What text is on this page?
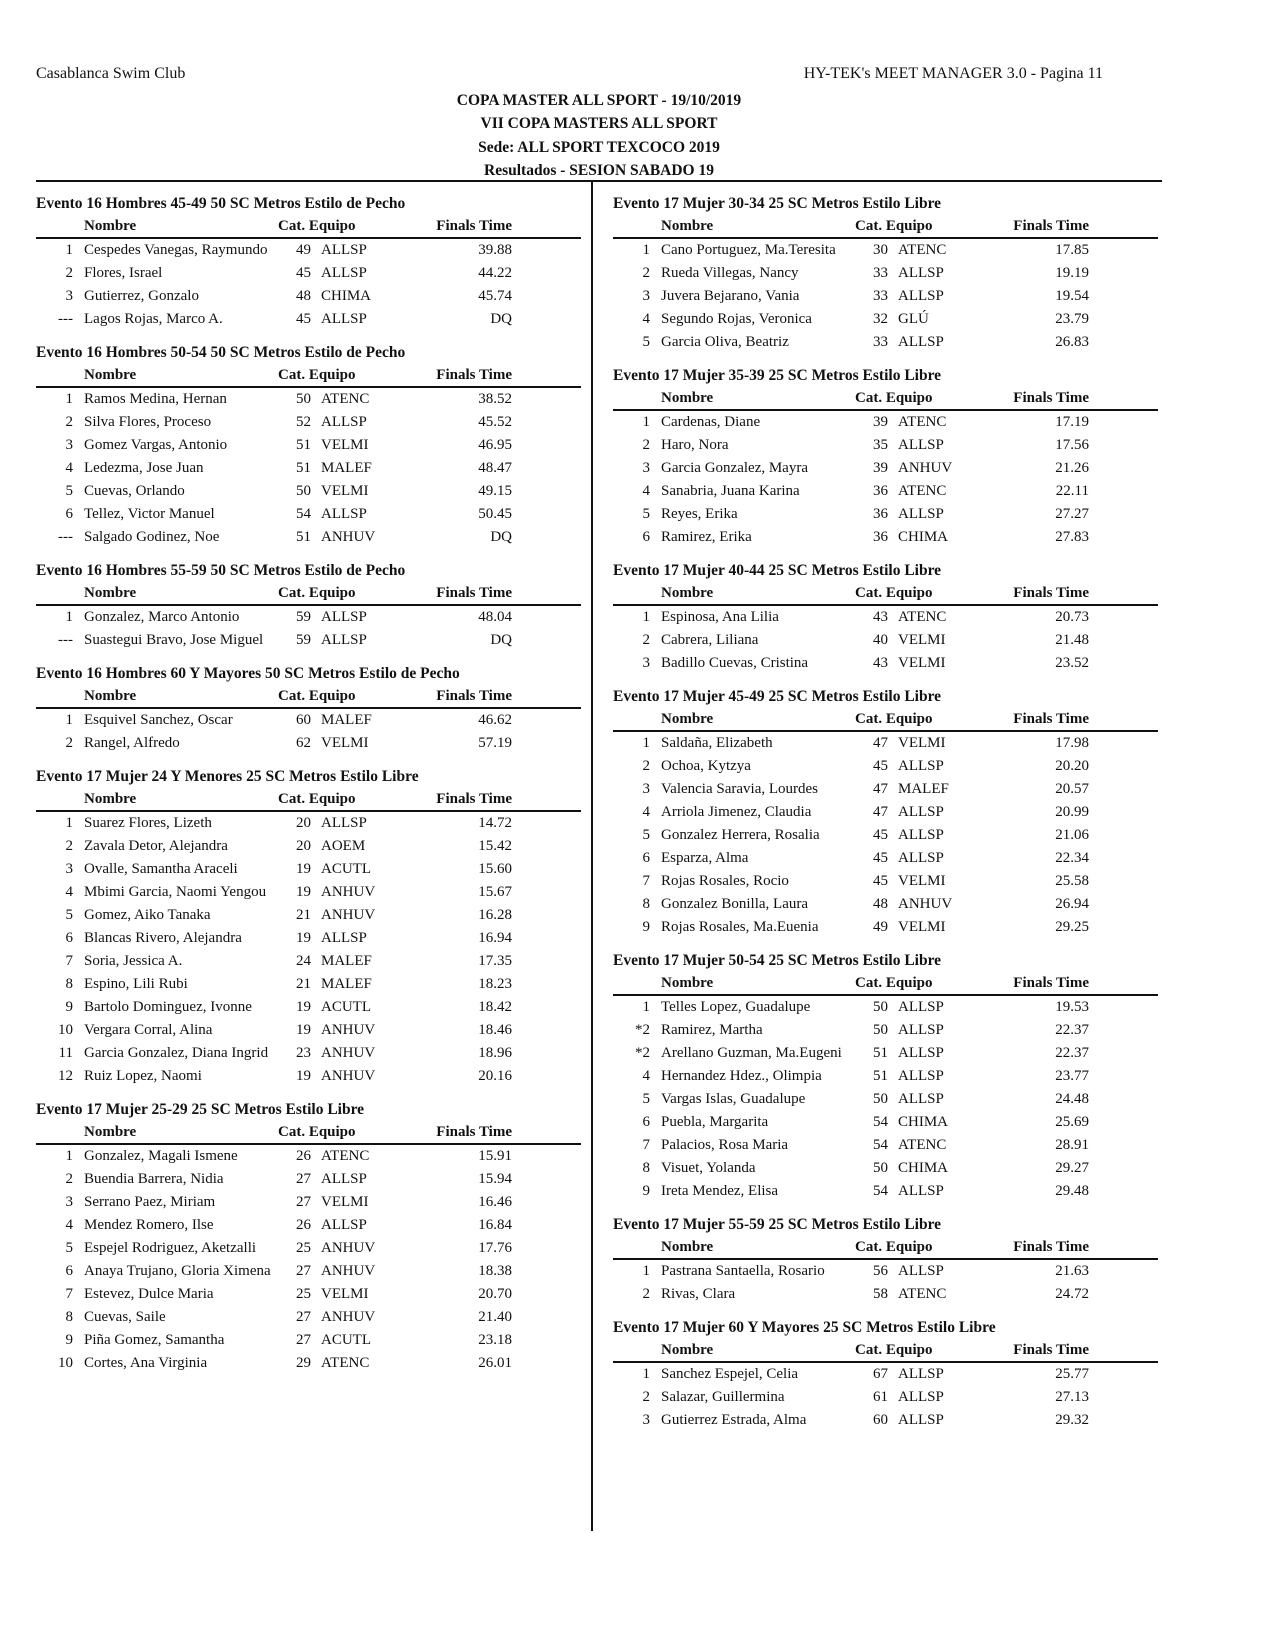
Casablanca Swim Club	HY-TEK's MEET MANAGER 3.0 - Pagina 11
COPA MASTER ALL SPORT - 19/10/2019
VII COPA MASTERS ALL SPORT
Sede: ALL SPORT TEXCOCO 2019
Resultados - SESION SABADO 19
Evento 16 Hombres 45-49 50 SC Metros Estilo de Pecho
Nombre	Cat. Equipo	Finals Time
1 Cespedes Vanegas, Raymundo	49 ALLSP	39.88
2 Flores, Israel	45 ALLSP	44.22
3 Gutierrez, Gonzalo	48 CHIMA	45.74
--- Lagos Rojas, Marco A.	45 ALLSP	DQ
Evento 16 Hombres 50-54 50 SC Metros Estilo de Pecho
Nombre	Cat. Equipo	Finals Time
1 Ramos Medina, Hernan	50 ATENC	38.52
2 Silva Flores, Proceso	52 ALLSP	45.52
3 Gomez Vargas, Antonio	51 VELMI	46.95
4 Ledezma, Jose Juan	51 MALEF	48.47
5 Cuevas, Orlando	50 VELMI	49.15
6 Tellez, Victor Manuel	54 ALLSP	50.45
--- Salgado Godinez, Noe	51 ANHUV	DQ
Evento 16 Hombres 55-59 50 SC Metros Estilo de Pecho
Nombre	Cat. Equipo	Finals Time
1 Gonzalez, Marco Antonio	59 ALLSP	48.04
--- Suastegui Bravo, Jose Miguel	59 ALLSP	DQ
Evento 16 Hombres 60 Y Mayores 50 SC Metros Estilo de Pecho
Nombre	Cat. Equipo	Finals Time
1 Esquivel Sanchez, Oscar	60 MALEF	46.62
2 Rangel, Alfredo	62 VELMI	57.19
Evento 17 Mujer 24 Y Menores 25 SC Metros Estilo Libre
Nombre	Cat. Equipo	Finals Time
1 Suarez Flores, Lizeth	20 ALLSP	14.72
2 Zavala Detor, Alejandra	20 AOEM	15.42
3 Ovalle, Samantha Araceli	19 ACUTL	15.60
4 Mbimi Garcia, Naomi Yengou	19 ANHUV	15.67
5 Gomez, Aiko Tanaka	21 ANHUV	16.28
6 Blancas Rivero, Alejandra	19 ALLSP	16.94
7 Soria, Jessica A.	24 MALEF	17.35
8 Espino, Lili Rubi	21 MALEF	18.23
9 Bartolo Dominguez, Ivonne	19 ACUTL	18.42
10 Vergara Corral, Alina	19 ANHUV	18.46
11 Garcia Gonzalez, Diana Ingrid	23 ANHUV	18.96
12 Ruiz Lopez, Naomi	19 ANHUV	20.16
Evento 17 Mujer 25-29 25 SC Metros Estilo Libre
Nombre	Cat. Equipo	Finals Time
1 Gonzalez, Magali Ismene	26 ATENC	15.91
2 Buendia Barrera, Nidia	27 ALLSP	15.94
3 Serrano Paez, Miriam	27 VELMI	16.46
4 Mendez Romero, Ilse	26 ALLSP	16.84
5 Espejel Rodriguez, Aketzalli	25 ANHUV	17.76
6 Anaya Trujano, Gloria Ximena 27 ANHUV	18.38
7 Estevez, Dulce Maria	25 VELMI	20.70
8 Cuevas, Saile	27 ANHUV	21.40
9 Piña Gomez, Samantha	27 ACUTL	23.18
10 Cortes, Ana Virginia	29 ATENC	26.01
Evento 17 Mujer 30-34 25 SC Metros Estilo Libre
Nombre	Cat. Equipo	Finals Time
1 Cano Portuguez, Ma.Teresita	30 ATENC	17.85
2 Rueda Villegas, Nancy	33 ALLSP	19.19
3 Juvera Bejarano, Vania	33 ALLSP	19.54
4 Segundo Rojas, Veronica	32 GLÚ	23.79
5 Garcia Oliva, Beatriz	33 ALLSP	26.83
Evento 17 Mujer 35-39 25 SC Metros Estilo Libre
Nombre	Cat. Equipo	Finals Time
1 Cardenas, Diane	39 ATENC	17.19
2 Haro, Nora	35 ALLSP	17.56
3 Garcia Gonzalez, Mayra	39 ANHUV	21.26
4 Sanabria, Juana Karina	36 ATENC	22.11
5 Reyes, Erika	36 ALLSP	27.27
6 Ramirez, Erika	36 CHIMA	27.83
Evento 17 Mujer 40-44 25 SC Metros Estilo Libre
Nombre	Cat. Equipo	Finals Time
1 Espinosa, Ana Lilia	43 ATENC	20.73
2 Cabrera, Liliana	40 VELMI	21.48
3 Badillo Cuevas, Cristina	43 VELMI	23.52
Evento 17 Mujer 45-49 25 SC Metros Estilo Libre
Nombre	Cat. Equipo	Finals Time
1 Saldaña, Elizabeth	47 VELMI	17.98
2 Ochoa, Kytzya	45 ALLSP	20.20
3 Valencia Saravia, Lourdes	47 MALEF	20.57
4 Arriola Jimenez, Claudia	47 ALLSP	20.99
5 Gonzalez Herrera, Rosalia	45 ALLSP	21.06
6 Esparza, Alma	45 ALLSP	22.34
7 Rojas Rosales, Rocio	45 VELMI	25.58
8 Gonzalez Bonilla, Laura	48 ANHUV	26.94
9 Rojas Rosales, Ma.Euenia	49 VELMI	29.25
Evento 17 Mujer 50-54 25 SC Metros Estilo Libre
Nombre	Cat. Equipo	Finals Time
1 Telles Lopez, Guadalupe	50 ALLSP	19.53
*2 Ramirez, Martha	50 ALLSP	22.37
*2 Arellano Guzman, Ma.Eugeni	51 ALLSP	22.37
4 Hernandez Hdez., Olimpia	51 ALLSP	23.77
5 Vargas Islas, Guadalupe	50 ALLSP	24.48
6 Puebla, Margarita	54 CHIMA	25.69
7 Palacios, Rosa Maria	54 ATENC	28.91
8 Visuet, Yolanda	50 CHIMA	29.27
9 Ireta Mendez, Elisa	54 ALLSP	29.48
Evento 17 Mujer 55-59 25 SC Metros Estilo Libre
Nombre	Cat. Equipo	Finals Time
1 Pastrana Santaella, Rosario	56 ALLSP	21.63
2 Rivas, Clara	58 ATENC	24.72
Evento 17 Mujer 60 Y Mayores 25 SC Metros Estilo Libre
Nombre	Cat. Equipo	Finals Time
1 Sanchez Espejel, Celia	67 ALLSP	25.77
2 Salazar, Guillermina	61 ALLSP	27.13
3 Gutierrez Estrada, Alma	60 ALLSP	29.32
